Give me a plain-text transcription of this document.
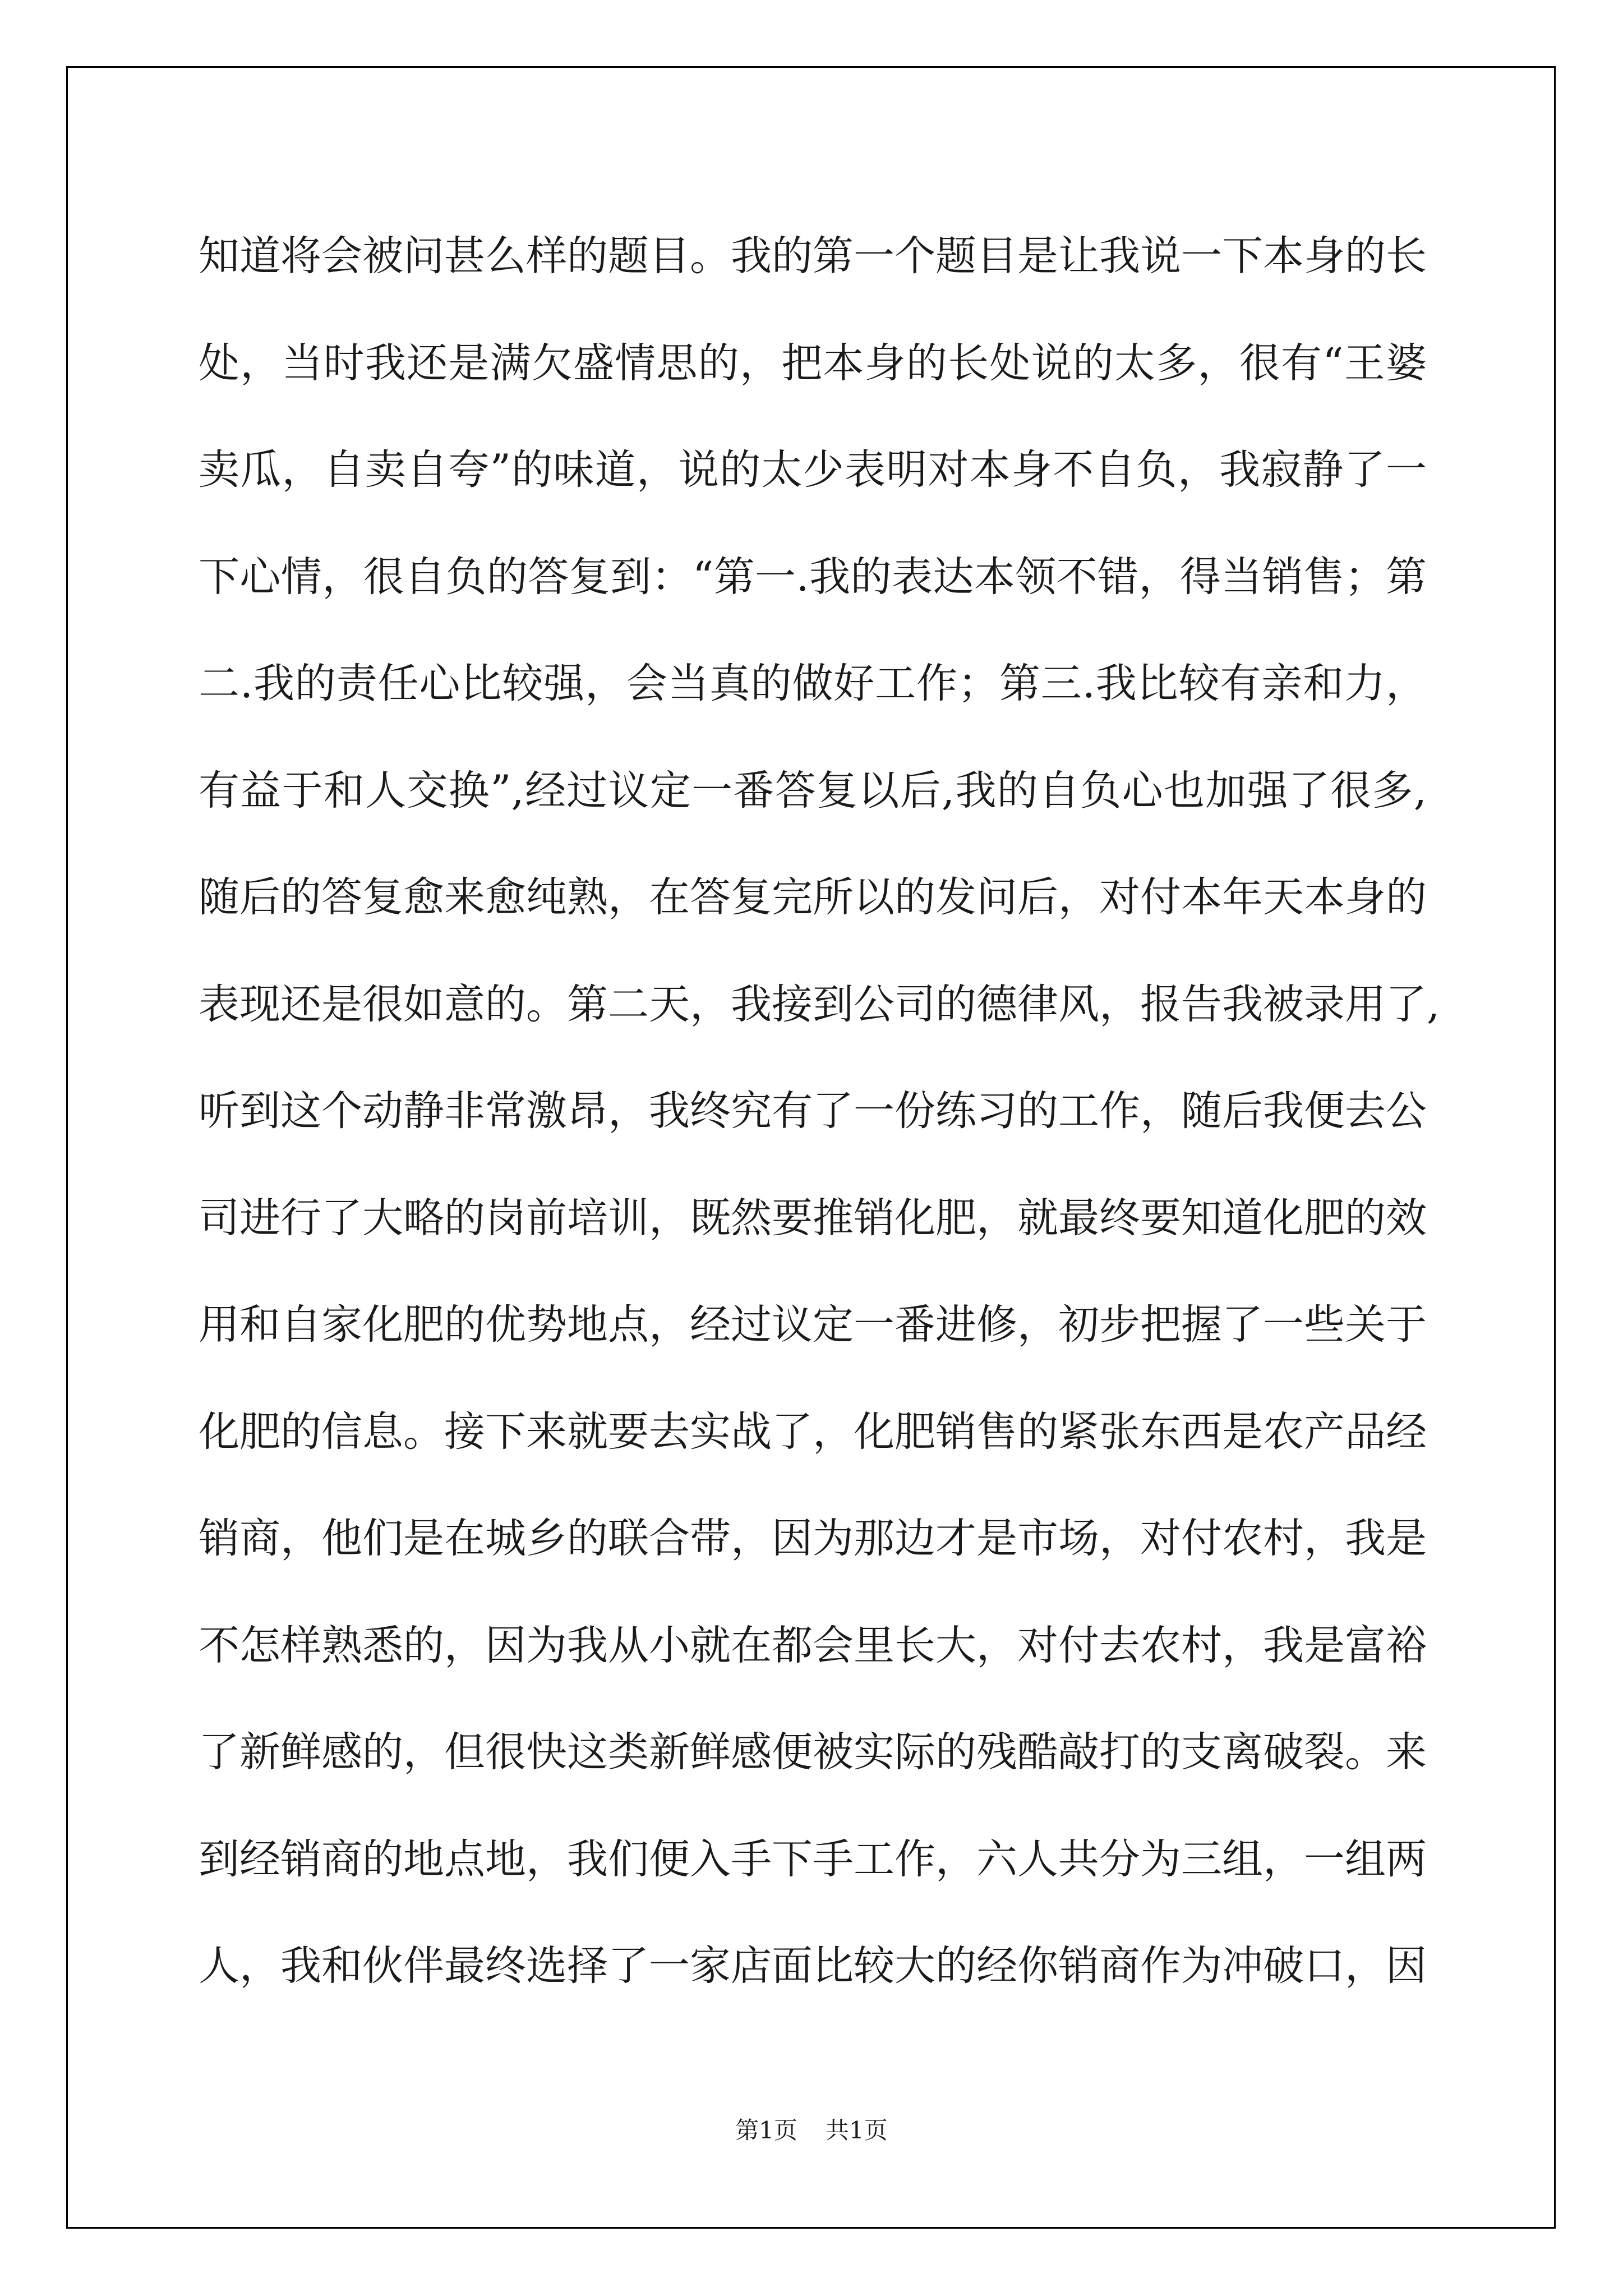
知道将会被问甚么样的题目。我的第一个题目是让我说一下本身的长
处，当时我还是满欠盛情思的，把本身的长处说的太多，很有“王婆
卖瓜，自卖自夸”的味道，说的太少表明对本身不自负，我寂静了一
下心情，很自负的答复到：“第一.我的表达本领不错，得当销售；第
二.我的责任心比较强，会当真的做好工作；第三.我比较有亲和力，
有益于和人交换”,经过议定一番答复以后,我的自负心也加强了很多,
随后的答复愈来愈纯熟，在答复完所以的发问后，对付本年天本身的
表现还是很如意的。第二天，我接到公司的德律风，报告我被录用了,
听到这个动静非常激昂，我终究有了一份练习的工作，随后我便去公
司进行了大略的岗前培训，既然要推销化肥，就最终要知道化肥的效
用和自家化肥的优势地点，经过议定一番进修，初步把握了一些关于
化肥的信息。接下来就要去实战了，化肥销售的紧张东西是农产品经
销商，他们是在城乡的联合带，因为那边才是市场，对付农村，我是
不怎样熟悉的，因为我从小就在都会里长大，对付去农村，我是富裕
了新鲜感的，但很快这类新鲜感便被实际的残酷敲打的支离破裂。来
到经销商的地点地，我们便入手下手工作，六人共分为三组，一组两
人，我和伙伴最终选择了一家店面比较大的经你销商作为冲破口，因
第1页 共1页
